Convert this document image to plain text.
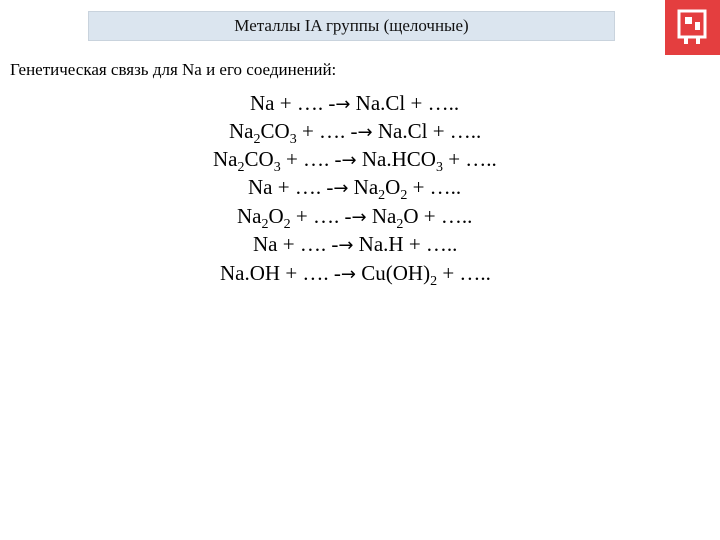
Металлы IA группы (щелочные)
Генетическая связь для Na и его соединений:
Na + …. -→ Na.Cl + …..
$Na_2CO_3$ + …. -→ Na.Cl + …..
$Na_2CO_3$ + …. -→ $Na.HCO_3$ + …..
Na + …. -→ $Na_2O_2$ + …..
$Na_2O_2$ + …. -→ $Na_2O$ + …..
Na + …. -→ Na.H + …..
Na.OH + …. -→ $Cu(OH)_2$ + …..
